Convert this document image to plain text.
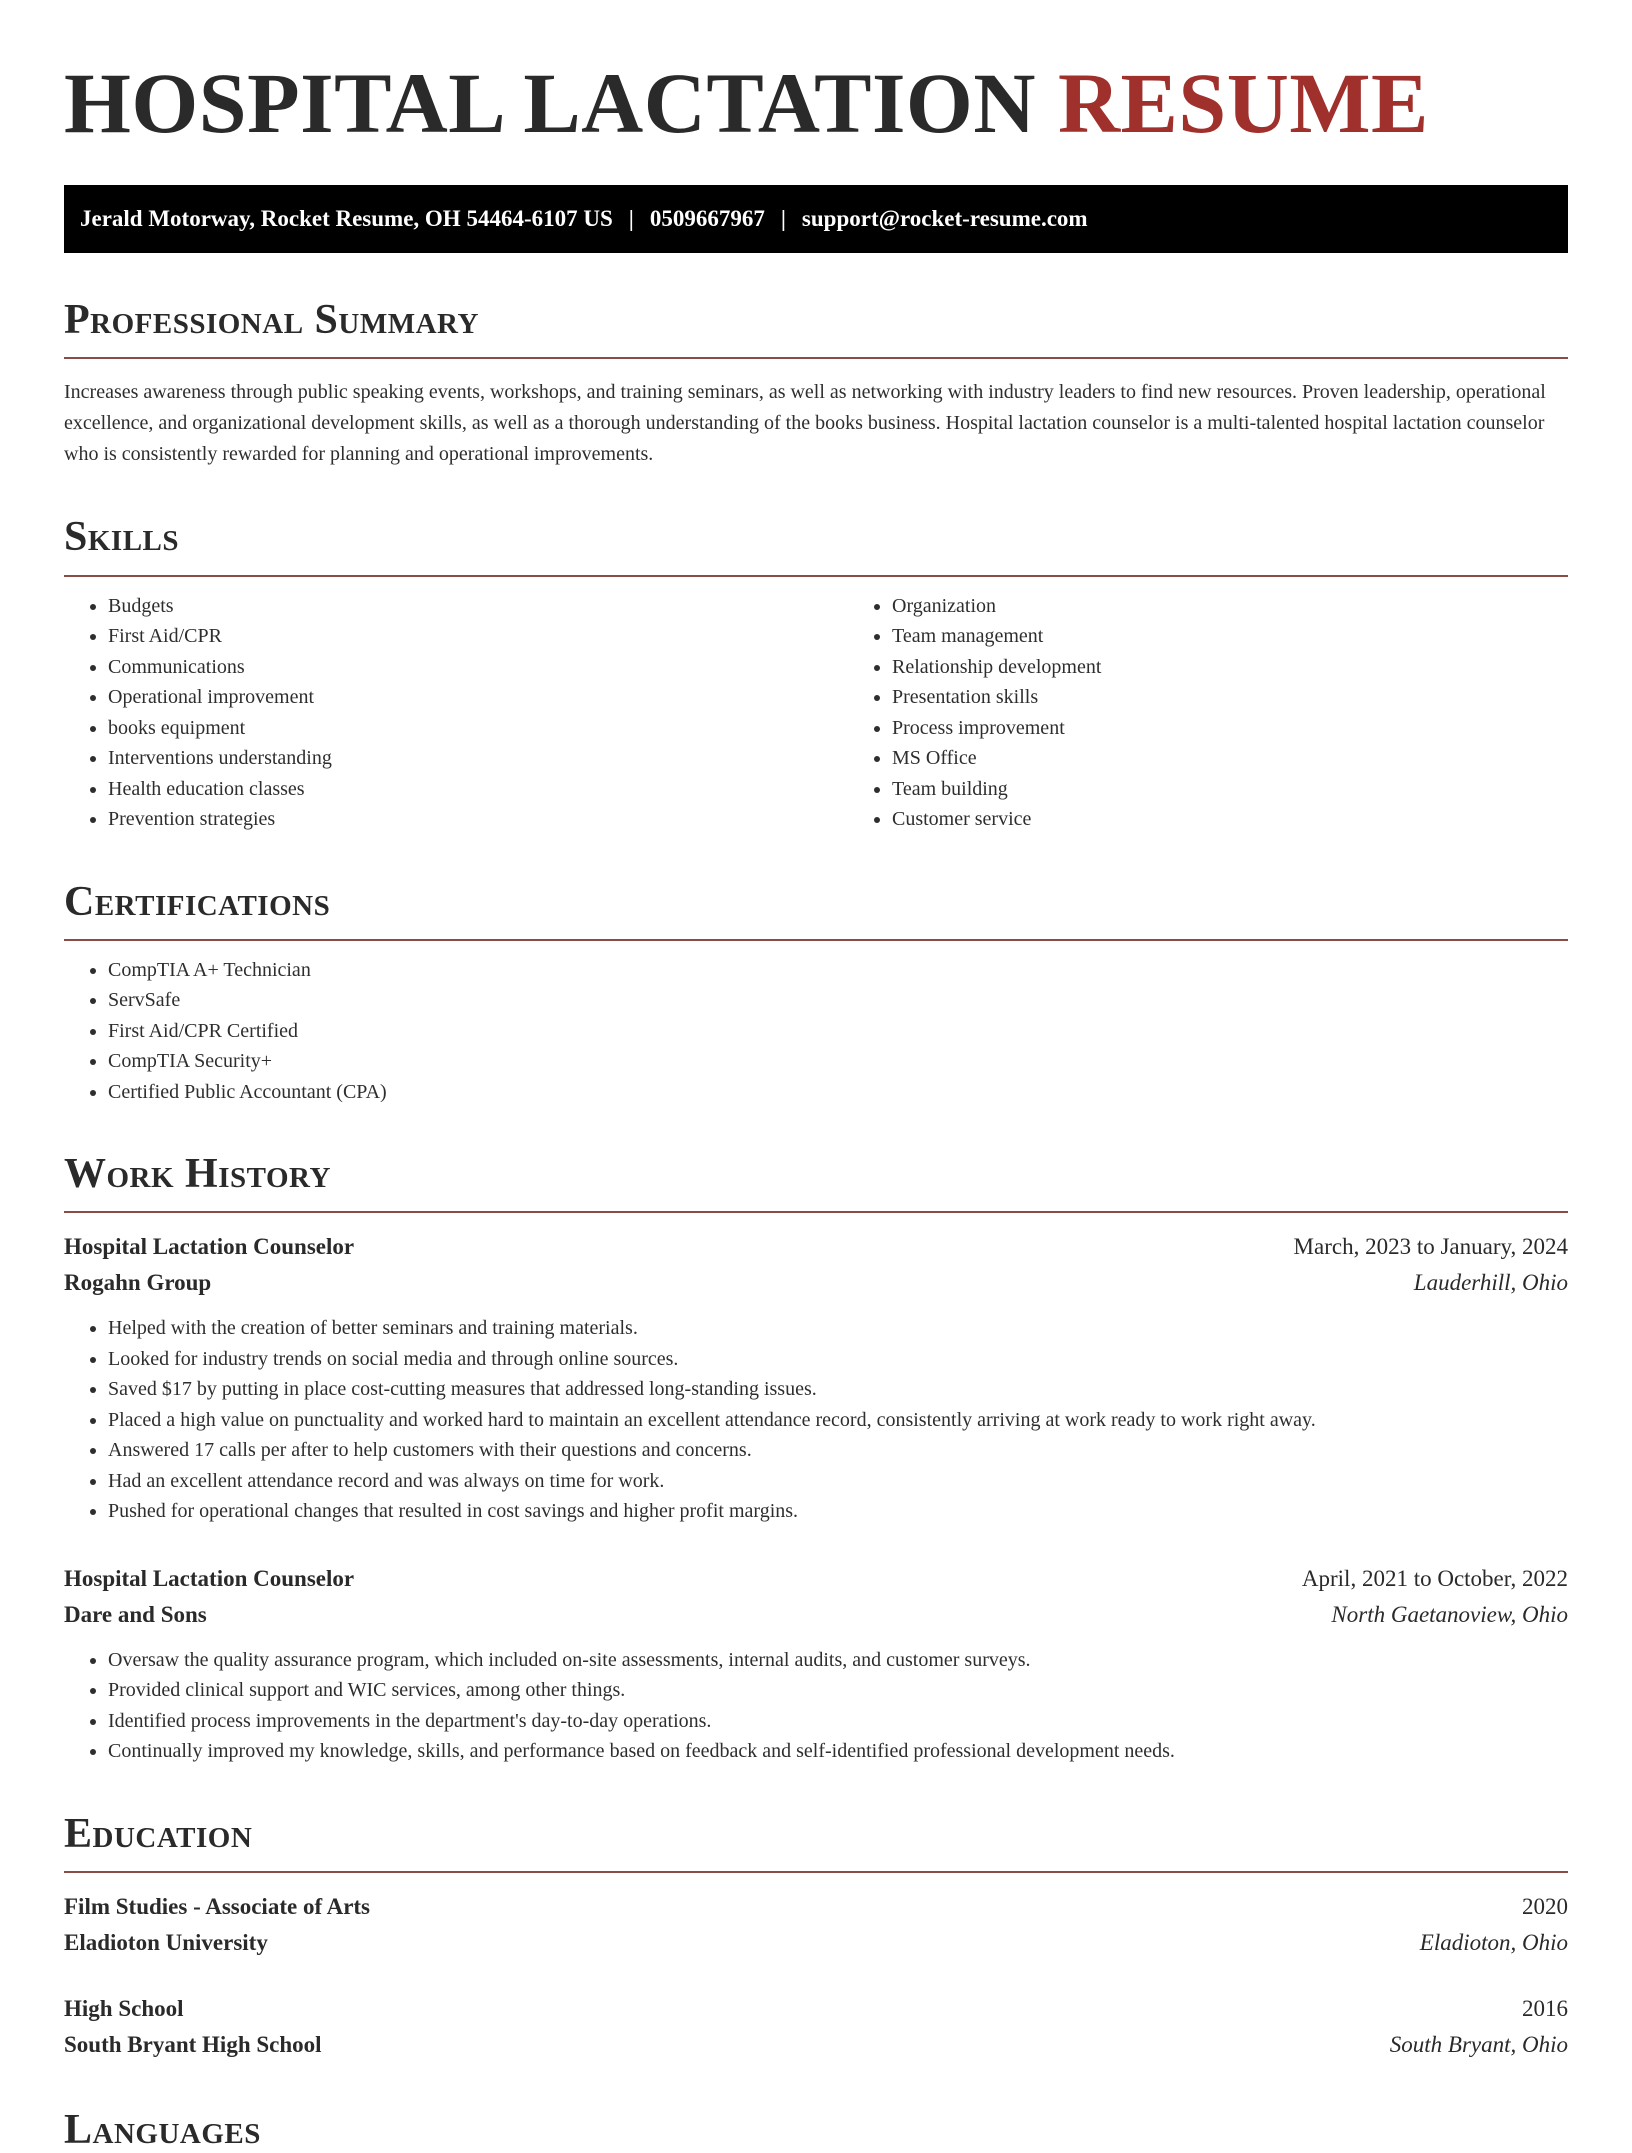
HOSPITAL LACTATION RESUME
Jerald Motorway, Rocket Resume, OH 54464-6107 US | 0509667967 | support@rocket-resume.com
Professional Summary

Increases awareness through public speaking events, workshops, and training seminars, as well as networking with industry leaders to find new resources. Proven leadership, operational excellence, and organizational development skills, as well as a thorough understanding of the books business. Hospital lactation counselor is a multi-talented hospital lactation counselor who is consistently rewarded for planning and operational improvements.

Skills
• Budgets
• First Aid/CPR
• Communications
• Operational improvement
• books equipment
• Interventions understanding
• Health education classes
• Prevention strategies
• Organization
• Team management
• Relationship development
• Presentation skills
• Process improvement
• MS Office
• Team building
• Customer service
Certifications
• CompTIA A+ Technician
• ServSafe
• First Aid/CPR Certified
• CompTIA Security+
• Certified Public Accountant (CPA)
Work History
Hospital Lactation Counselor	March, 2023 to January, 2024
Rogahn Group	Lauderhill, Ohio
• Helped with the creation of better seminars and training materials.
• Looked for industry trends on social media and through online sources.
• Saved $17 by putting in place cost-cutting measures that addressed long-standing issues.
• Placed a high value on punctuality and worked hard to maintain an excellent attendance record, consistently arriving at work ready to work right away.
• Answered 17 calls per after to help customers with their questions and concerns.
• Had an excellent attendance record and was always on time for work.
• Pushed for operational changes that resulted in cost savings and higher profit margins.
Hospital Lactation Counselor	April, 2021 to October, 2022
Dare and Sons	North Gaetanoview, Ohio
• Oversaw the quality assurance program, which included on-site assessments, internal audits, and customer surveys.
• Provided clinical support and WIC services, among other things.
• Identified process improvements in the department's day-to-day operations.
• Continually improved my knowledge, skills, and performance based on feedback and self-identified professional development needs.
Education
Film Studies - Associate of Arts	2020
Eladioton University	Eladioton, Ohio
High School	2016
South Bryant High School	South Bryant, Ohio
Languages
